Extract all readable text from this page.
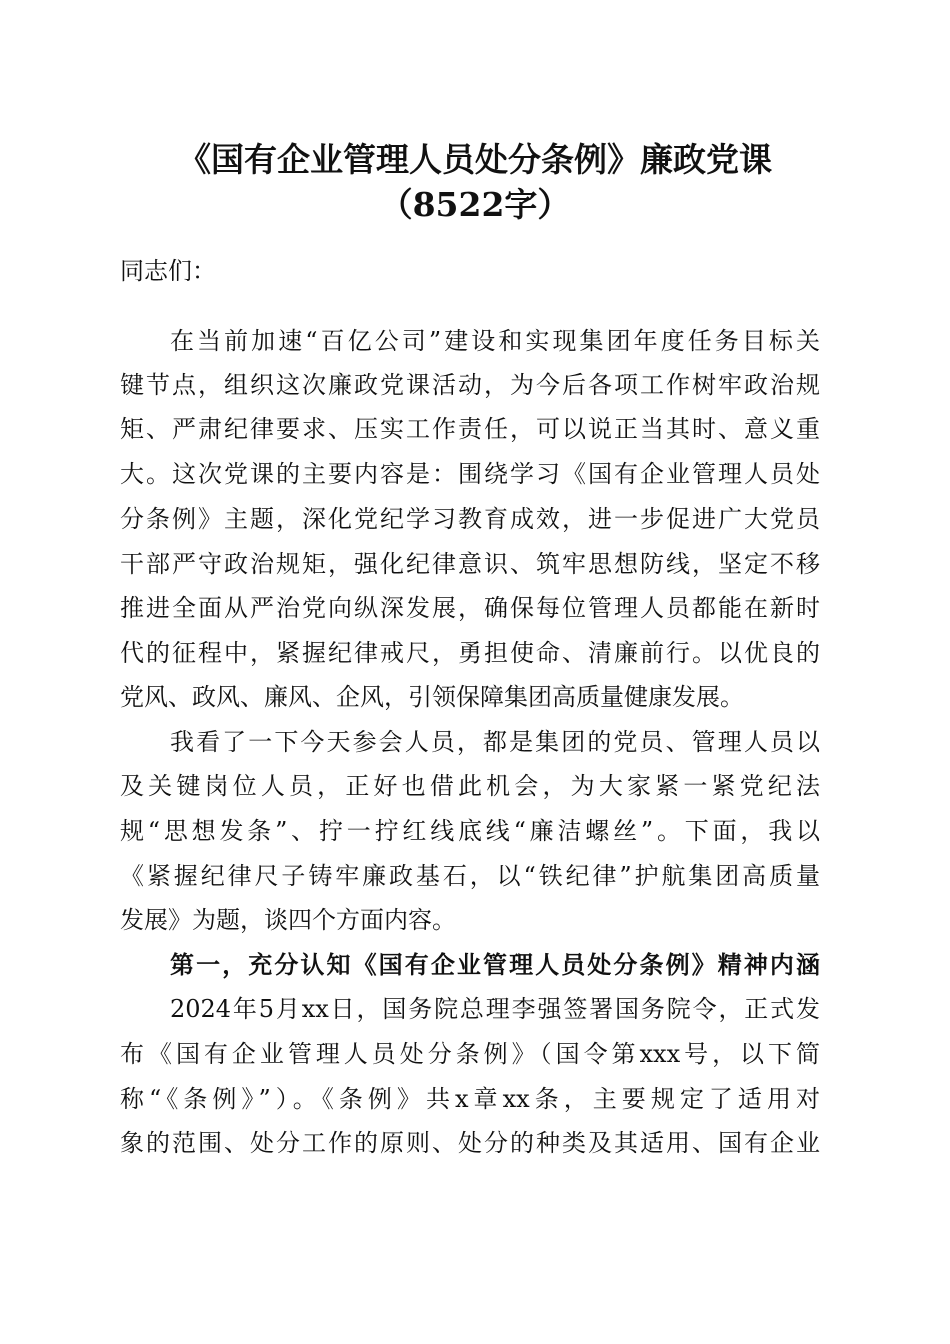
《国有企业管理人员处分条例》廉政党课
（8522字）
同志们：
在当前加速“百亿公司”建设和实现集团年度任务目标关
键节点，组织这次廉政党课活动，为今后各项工作树牢政治规
矩、严肃纪律要求、压实工作责任，可以说正当其时、意义重
大。这次党课的主要内容是：围绕学习《国有企业管理人员处
分条例》主题，深化党纪学习教育成效，进一步促进广大党员
干部严守政治规矩，强化纪律意识、筑牢思想防线，坚定不移
推进全面从严治党向纵深发展，确保每位管理人员都能在新时
代的征程中，紧握纪律戒尺，勇担使命、清廉前行。以优良的
党风、政风、廉风、企风，引领保障集团高质量健康发展。
我看了一下今天参会人员，都是集团的党员、管理人员以
及关键岗位人员，正好也借此机会，为大家紧一紧党纪法
规“思想发条”、拧一拧红线底线“廉洁螺丝”。下面，我以
《紧握纪律尺子铸牢廉政基石，以“铁纪律”护航集团高质量
发展》为题，谈四个方面内容。
第一，充分认知《国有企业管理人员处分条例》精神内涵
2024年5月xx日，国务院总理李强签署国务院令，正式发
布《国有企业管理人员处分条例》（国令第xxx号，以下简
称“《条例》”）。《条例》共x章xx条，主要规定了适用对
象的范围、处分工作的原则、处分的种类及其适用、国有企业
